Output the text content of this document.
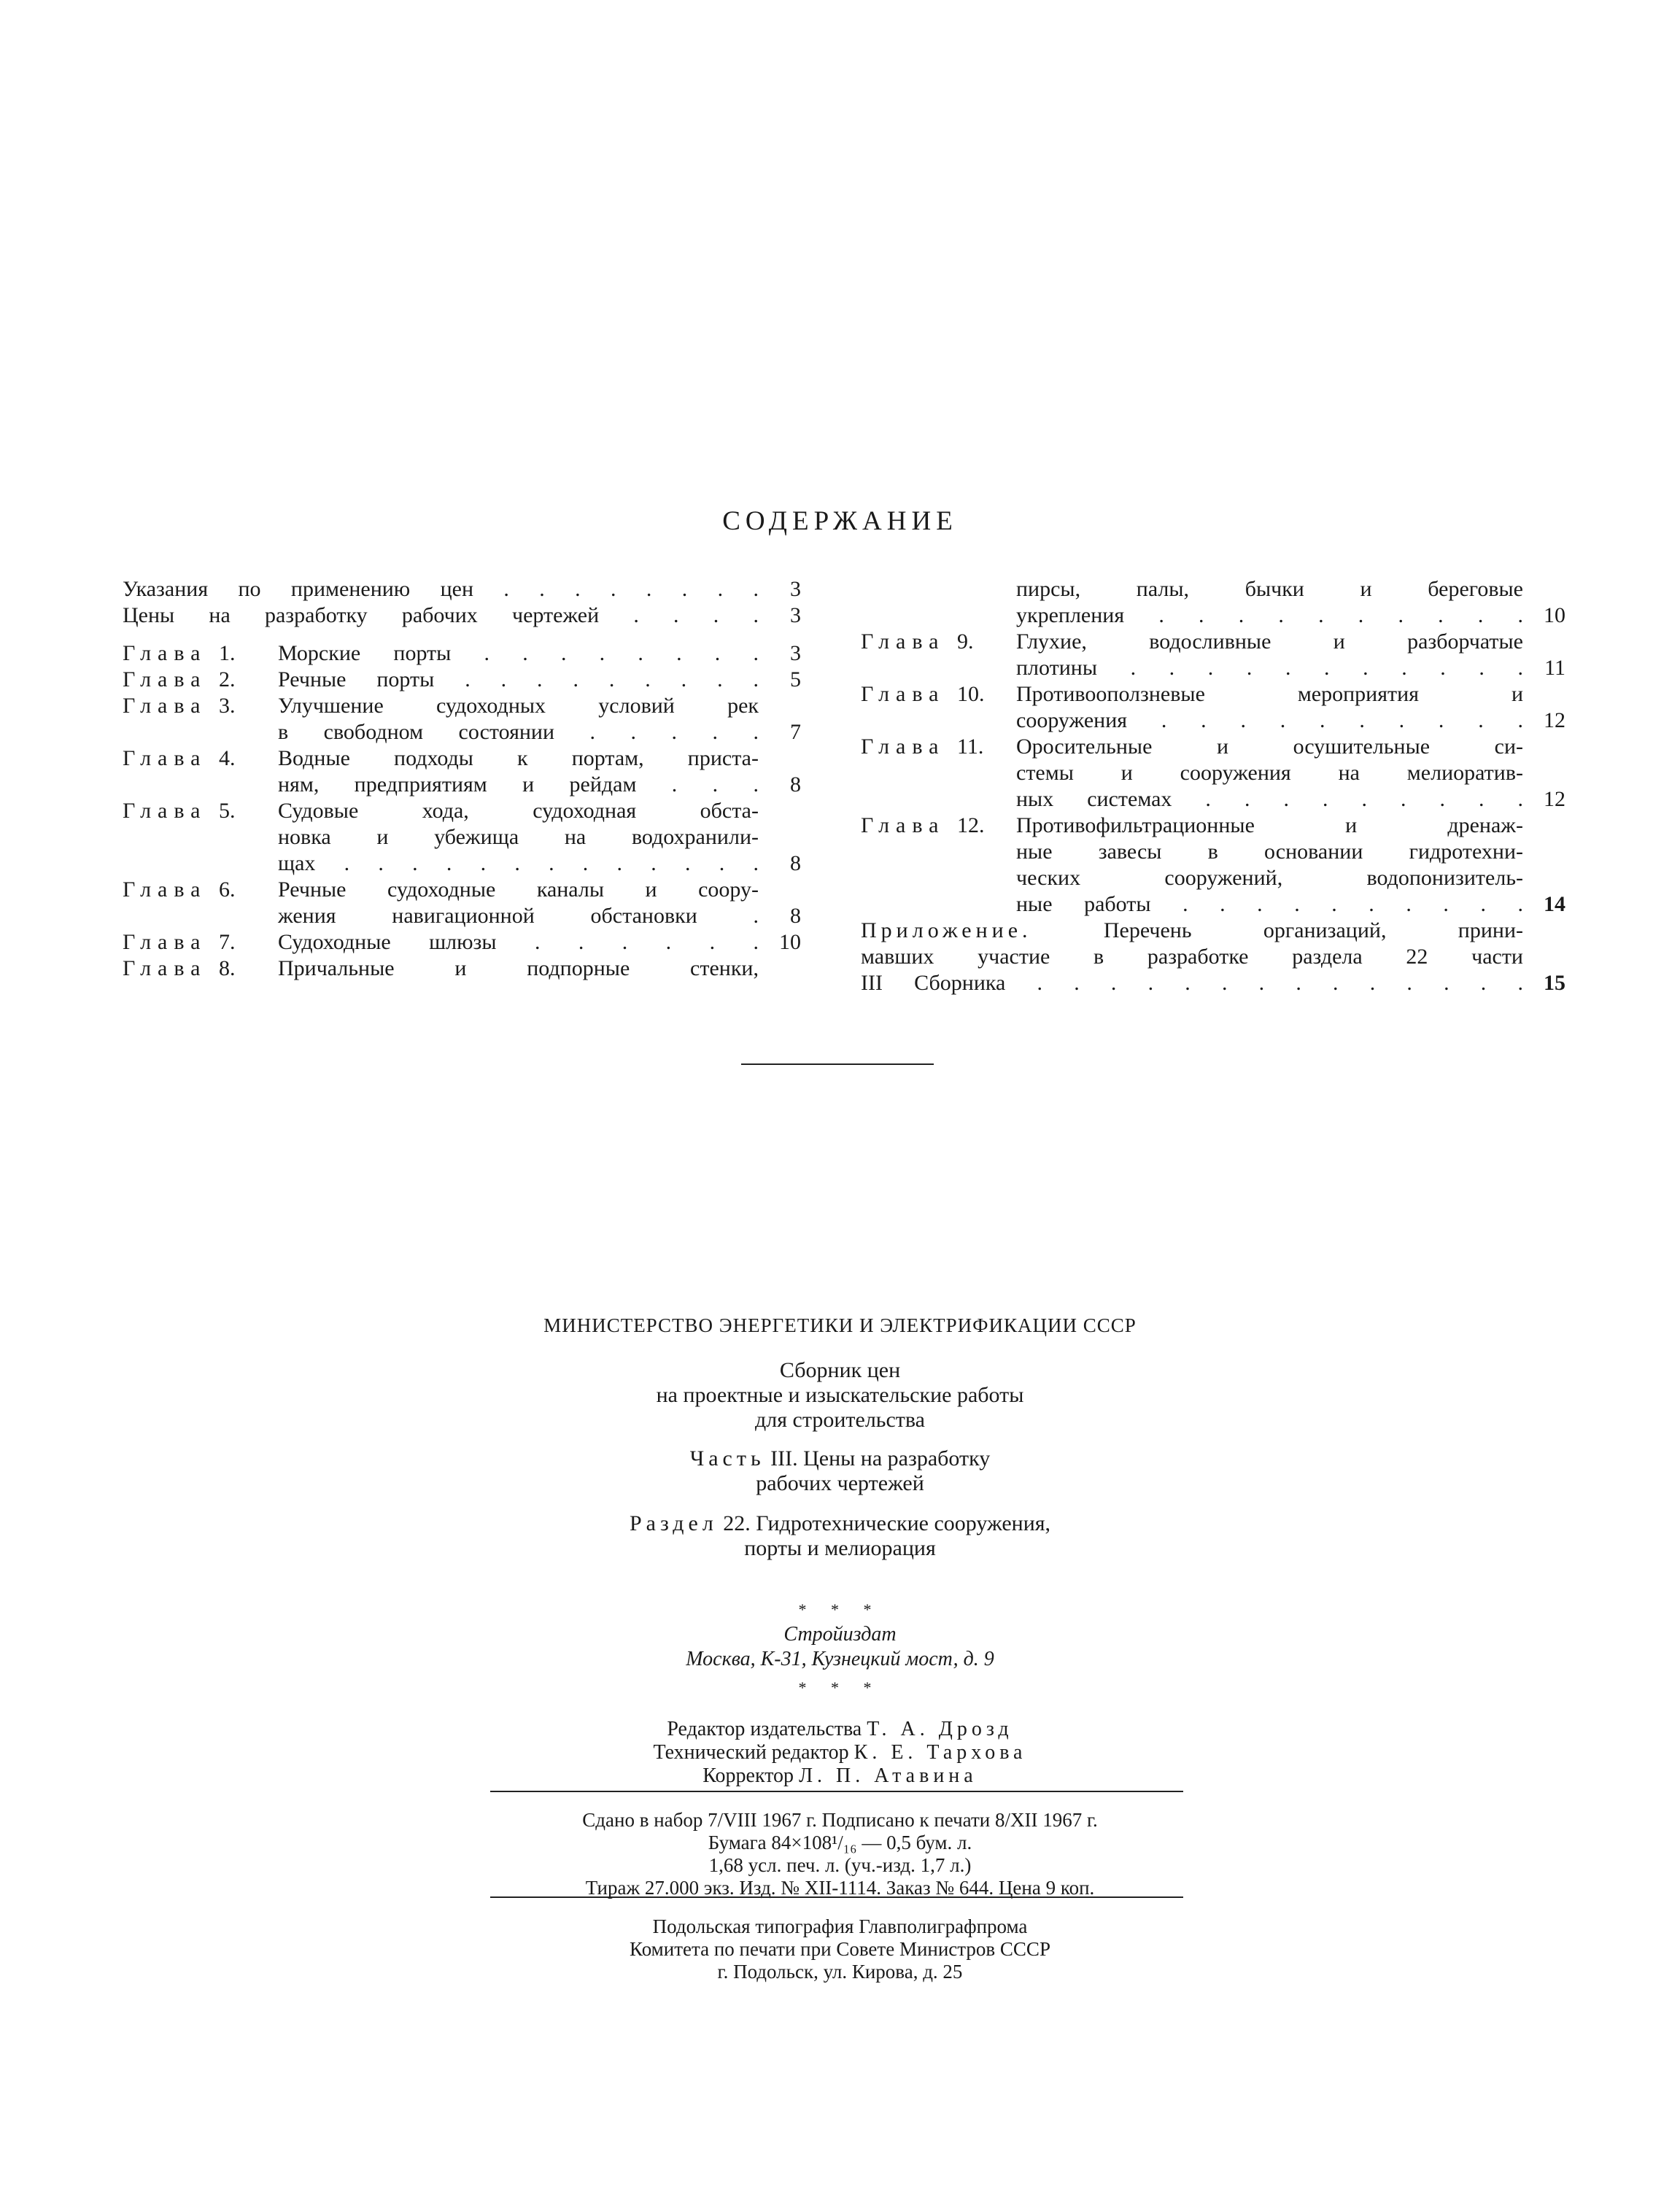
СОДЕРЖАНИЕ
Указания по применению цен . . . . . . . .	3
Цены на разработку рабочих чертежей . . . .	3
Глава 1. Морские порты . . . . . . . .	3
Глава 2. Речные порты . . . . . . . . .	5
Глава 3. Улучшение судоходных условий рек
в свободном состоянии . . . . .	7
Глава 4. Водные подходы к портам, приста-
ням, предприятиям и рейдам . . .	8
Глава 5. Судовые хода, судоходная обста-
новка и убежища на водохранили-
щах . . . . . . . . . . . . .	8
Глава 6. Речные судоходные каналы и соору-
жения навигационной обстановки .	8
Глава 7. Судоходные шлюзы . . . . . . 10
Глава 8. Причальные и подпорные стенки,
пирсы, палы, бычки и береговые
укрепления . . . . . . . . . . 10
Глава 9. Глухие, водосливные и разборчатые
плотины . . . . . . . . . . . 11
Глава 10. Противооползневые мероприятия и
сооружения . . . . . . . . . . 12
Глава 11. Оросительные и осушительные си-
стемы и сооружения на мелиоратив-
ных системах . . . . . . . . . 12
Глава 12. Противофильтрационные и дренаж-
ные завесы в основании гидротехни-
ческих сооружений, водопонизитель-
ные работы . . . . . . . . . . 14
Приложение.	Перечень организаций, прини-
мавших участие в разработке раздела 22 части
III Сборника . . . . . . . . . . . . . . 15
МИНИСТЕРСТВО ЭНЕРГЕТИКИ И ЭЛЕКТРИФИКАЦИИ СССР
Сборник цен
на проектные и изыскательские работы
для строительства
Часть III. Цены на разработку
рабочих чертежей
Раздел 22. Гидротехнические сооружения,
порты и мелиорация
* * *
Стройиздат
Москва, К-31, Кузнецкий мост, д. 9
* * *
Редактор издательства Т. А. Дрозд
Технический редактор К. Е. Тархова
Корректор Л. П. Атавина
Сдано в набор 7/VIII 1967 г. Подписано к печати 8/XII 1967 г.
Бумага 84×108¹/₁₆ — 0,5 бум. л.
1,68 усл. печ. л. (уч.-изд. 1,7 л.)
Тираж 27.000 экз. Изд. № XII-1114. Заказ № 644. Цена 9 коп.
Подольская типография Главполиграфпрома
Комитета по печати при Совете Министров СССР
г. Подольск, ул. Кирова, д. 25
